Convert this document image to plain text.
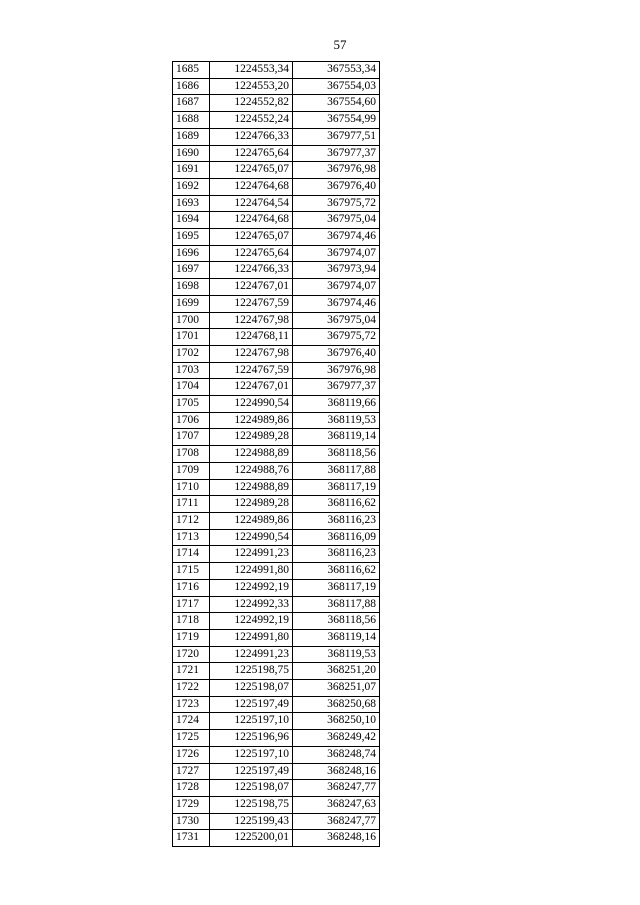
57
1685	1224553,34	367553,34
1686	1224553,20	367554,03
1687	1224552,82	367554,60
1688	1224552,24	367554,99
1689	1224766,33	367977,51
1690	1224765,64	367977,37
1691	1224765,07	367976,98
1692	1224764,68	367976,40
1693	1224764,54	367975,72
1694	1224764,68	367975,04
1695	1224765,07	367974,46
1696	1224765,64	367974,07
1697	1224766,33	367973,94
1698	1224767,01	367974,07
1699	1224767,59	367974,46
1700	1224767,98	367975,04
1701	1224768,11	367975,72
1702	1224767,98	367976,40
1703	1224767,59	367976,98
1704	1224767,01	367977,37
1705	1224990,54	368119,66
1706	1224989,86	368119,53
1707	1224989,28	368119,14
1708	1224988,89	368118,56
1709	1224988,76	368117,88
1710	1224988,89	368117,19
1711	1224989,28	368116,62
1712	1224989,86	368116,23
1713	1224990,54	368116,09
1714	1224991,23	368116,23
1715	1224991,80	368116,62
1716	1224992,19	368117,19
1717	1224992,33	368117,88
1718	1224992,19	368118,56
1719	1224991,80	368119,14
1720	1224991,23	368119,53
1721	1225198,75	368251,20
1722	1225198,07	368251,07
1723	1225197,49	368250,68
1724	1225197,10	368250,10
1725	1225196,96	368249,42
1726	1225197,10	368248,74
1727	1225197,49	368248,16
1728	1225198,07	368247,77
1729	1225198,75	368247,63
1730	1225199,43	368247,77
1731	1225200,01	368248,16
